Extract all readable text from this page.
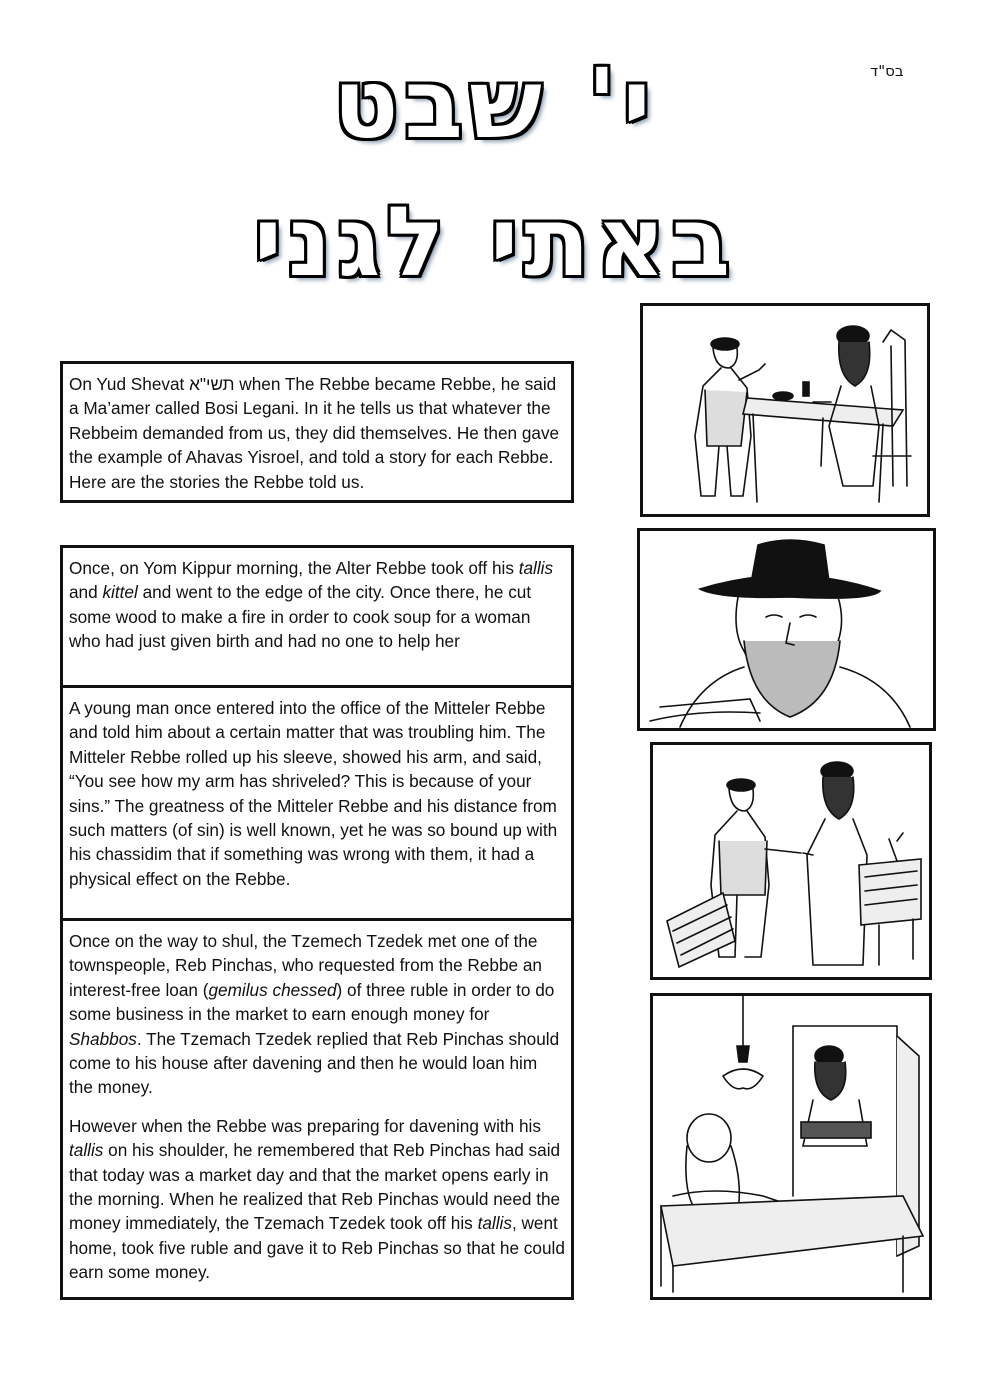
בס"ד
י' שבט
באתי לגני

On Yud Shevat תשי"א when The Rebbe became Rebbe, he said a Ma’amer called Bosi Legani. In it he tells us that whatever the Rebbeim demanded from us, they did themselves. He then gave the example of Ahavas Yisroel, and told a story for each Rebbe. Here are the stories the Rebbe told us.

Once, on Yom Kippur morning, the Alter Rebbe took off his tallis and kittel and went to the edge of the city. Once there, he cut some wood to make a fire in order to cook soup for a woman who had just given birth and had no one to help her

A young man once entered into the office of the Mitteler Rebbe and told him about a certain matter that was troubling him. The Mitteler Rebbe rolled up his sleeve, showed his arm, and said, “You see how my arm has shriveled? This is because of your sins.” The greatness of the Mitteler Rebbe and his distance from such matters (of sin) is well known, yet he was so bound up with his chassidim that if something was wrong with them, it had a physical effect on the Rebbe.

Once on the way to shul, the Tzemech Tzedek met one of the townspeople, Reb Pinchas, who requested from the Rebbe an interest-free loan (gemilus chessed) of three ruble in order to do some business in the market to earn enough money for Shabbos. The Tzemach Tzedek replied that Reb Pinchas should come to his house after davening and then he would loan him the money.

However when the Rebbe was preparing for davening with his tallis on his shoulder, he remembered that Reb Pinchas had said that today was a market day and that the market opens early in the morning. When he realized that Reb Pinchas would need the money immediately, the Tzemach Tzedek took off his tallis, went home, took five ruble and gave it to Reb Pinchas so that he could earn some money.
